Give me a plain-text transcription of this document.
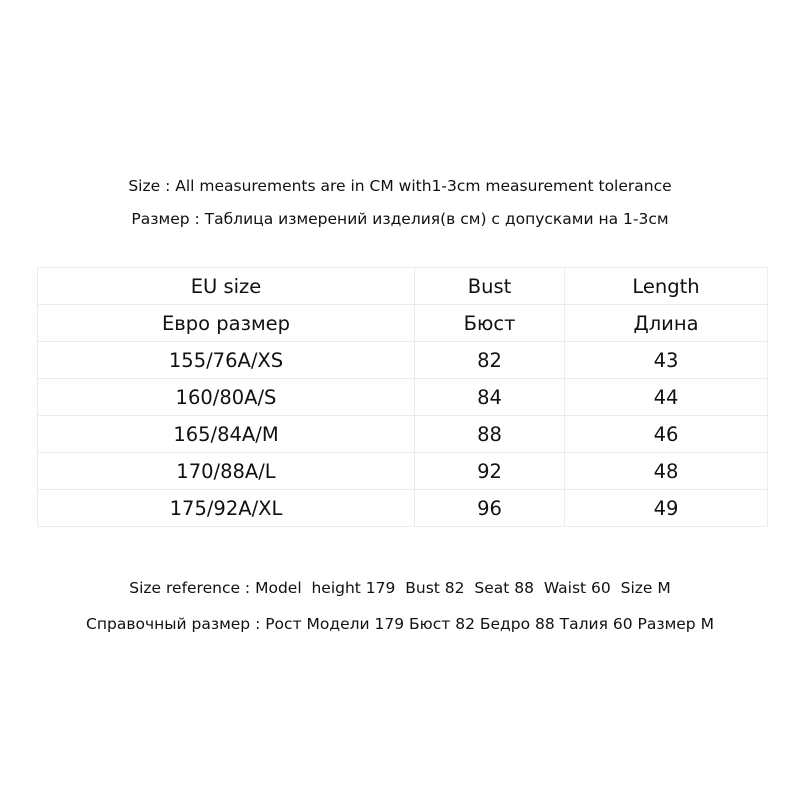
Size : All measurements are in CM with1-3cm measurement tolerance
Размер : Таблица измерений изделия(в см) с допусками на 1-3см
EU size	Bust	Length
Евро размер	Бюст	Длина
155/76A/XS	82	43
160/80A/S	84	44
165/84A/M	88	46
170/88A/L	92	48
175/92A/XL	96	49
Size reference : Model  height 179  Bust 82  Seat 88  Waist 60  Size M
Справочный размер : Рост Модели 179 Бюст 82 Бедро 88 Талия 60 Размер M
